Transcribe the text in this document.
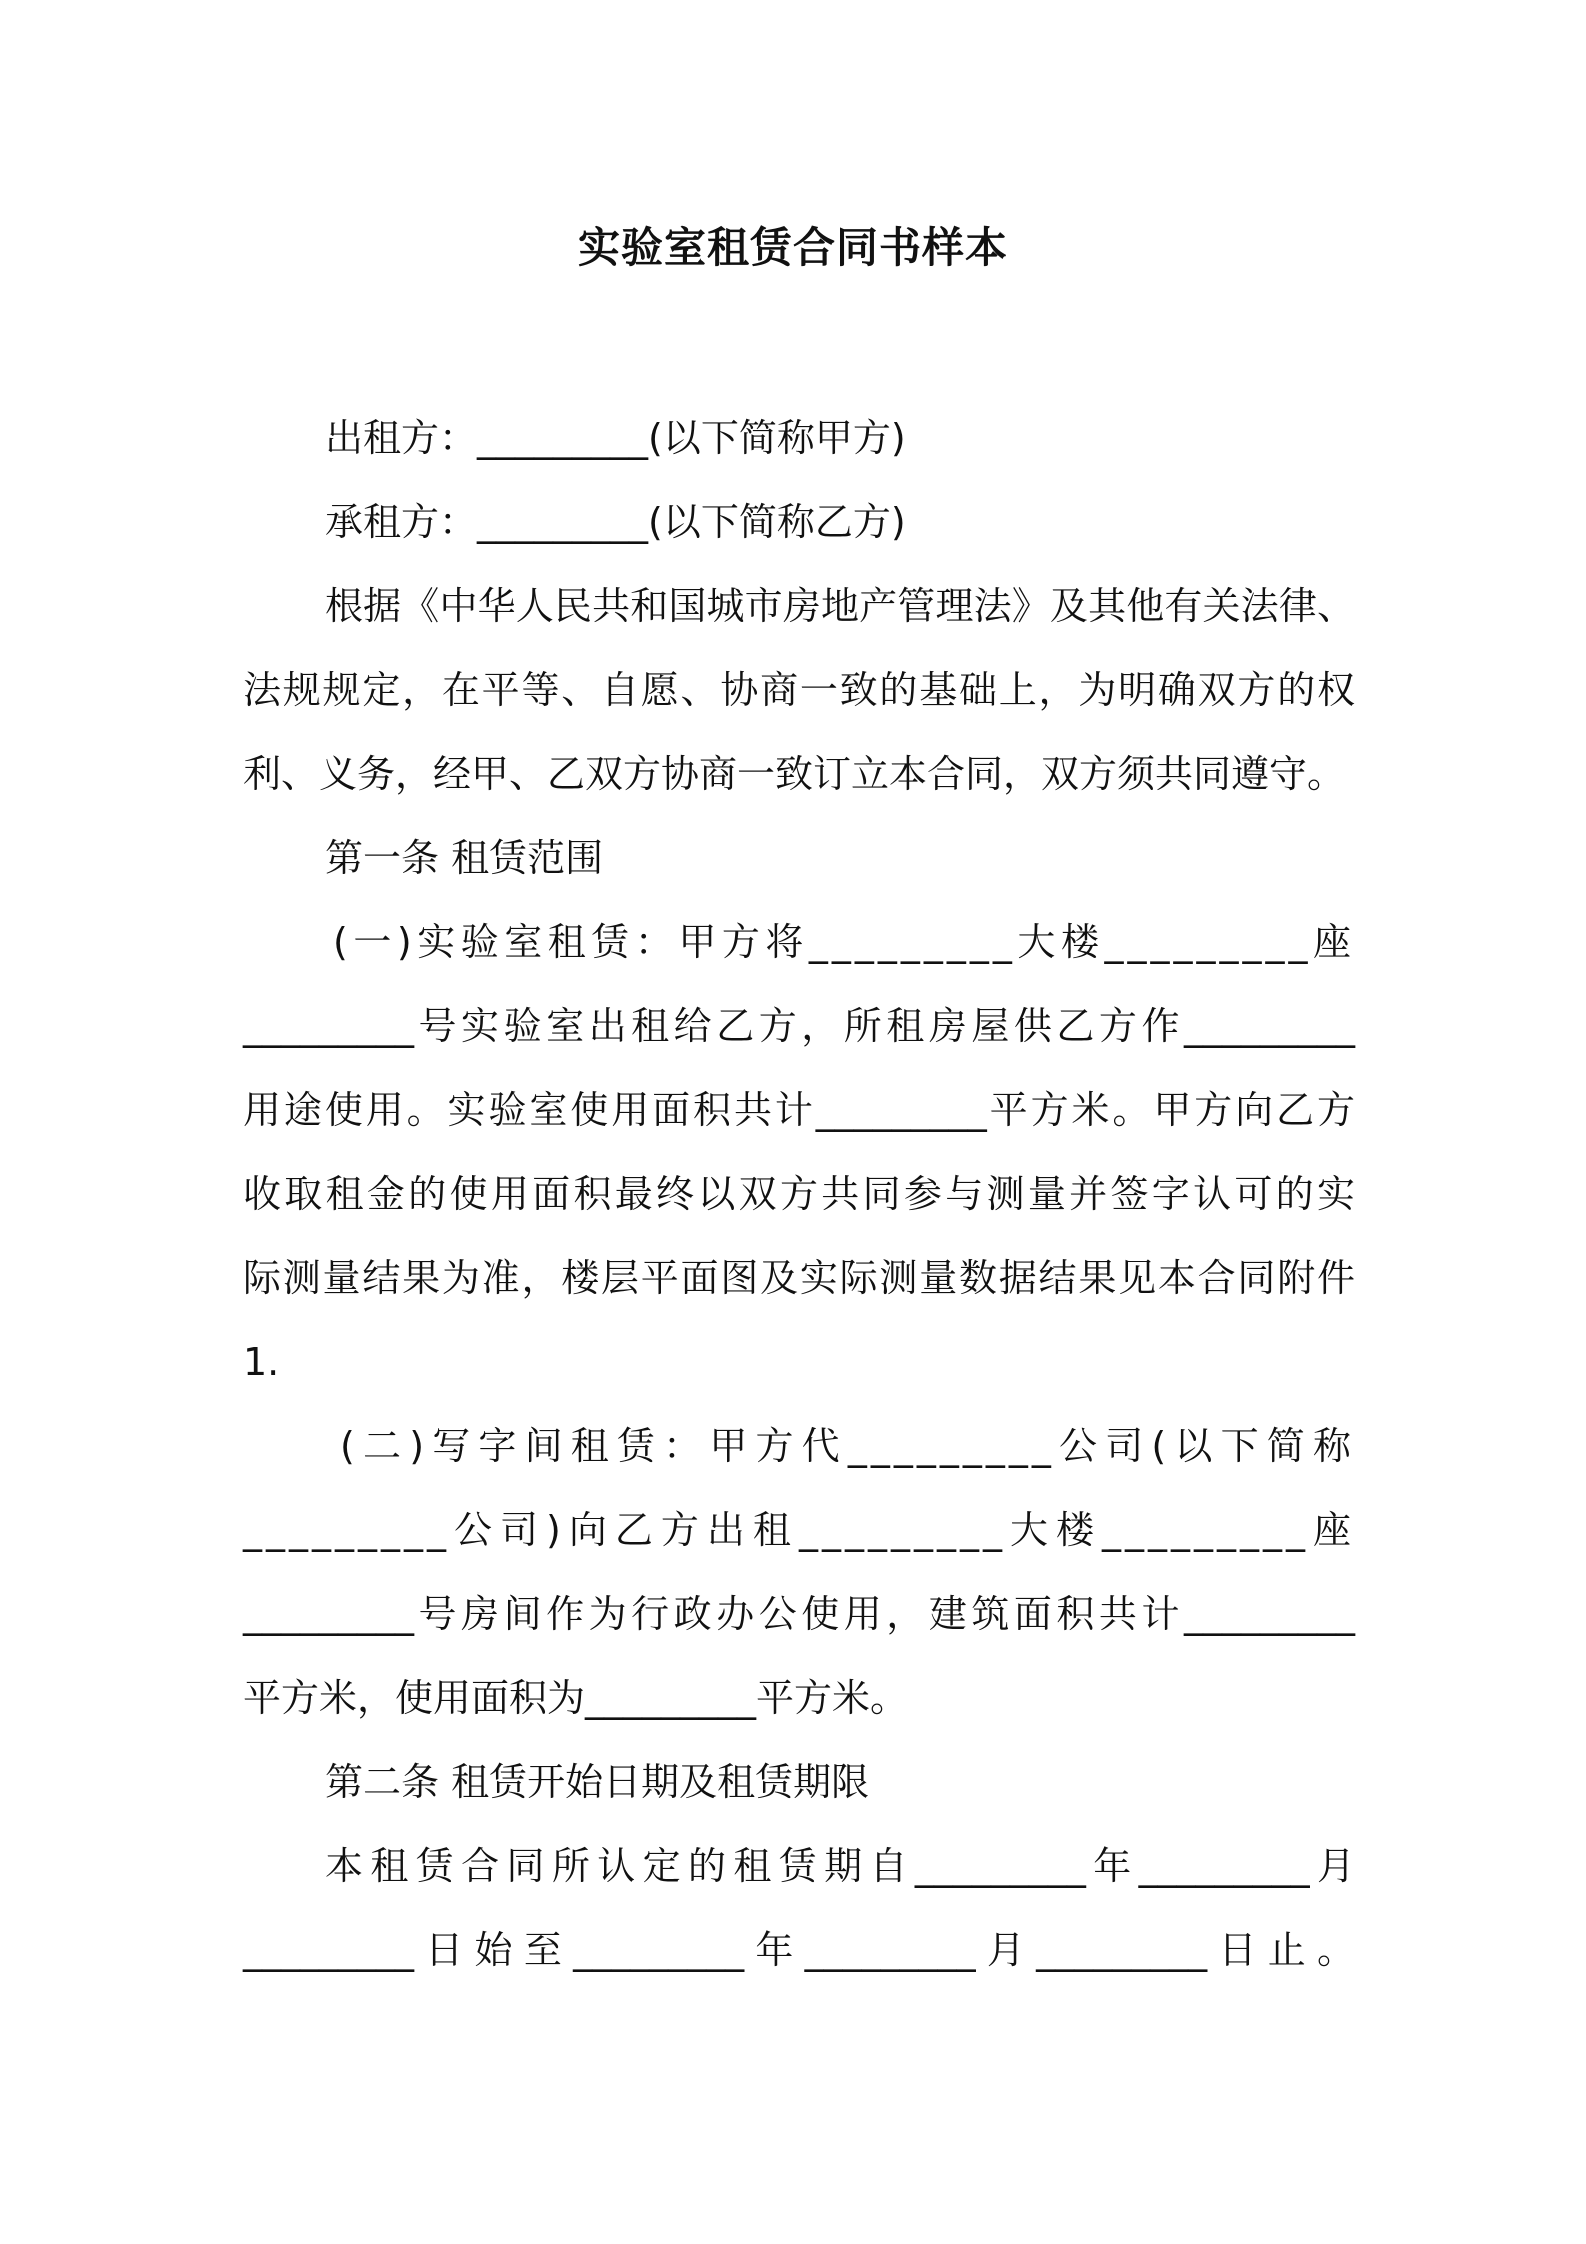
实验室租赁合同书样本
出租方：_________(以下简称甲方)
承租方：_________(以下简称乙方)
根据《中华人民共和国城市房地产管理法》及其他有关法律、
法规规定，在平等、自愿、协商一致的基础上，为明确双方的权
利、义务，经甲、乙双方协商一致订立本合同，双方须共同遵守。
第一条 租赁范围
(一)实验室租赁：甲方将_________大楼_________座
_________号实验室出租给乙方，所租房屋供乙方作_________
用途使用。实验室使用面积共计_________平方米。甲方向乙方
收取租金的使用面积最终以双方共同参与测量并签字认可的实
际测量结果为准，楼层平面图及实际测量数据结果见本合同附件
1.
(二)写字间租赁：甲方代_________公司(以下简称
_________公司)向乙方出租_________大楼_________座
_________号房间作为行政办公使用，建筑面积共计_________
平方米，使用面积为_________平方米。
第二条 租赁开始日期及租赁期限
本租赁合同所认定的租赁期自_________年_________月
_________日始至_________年_________月_________日止。
